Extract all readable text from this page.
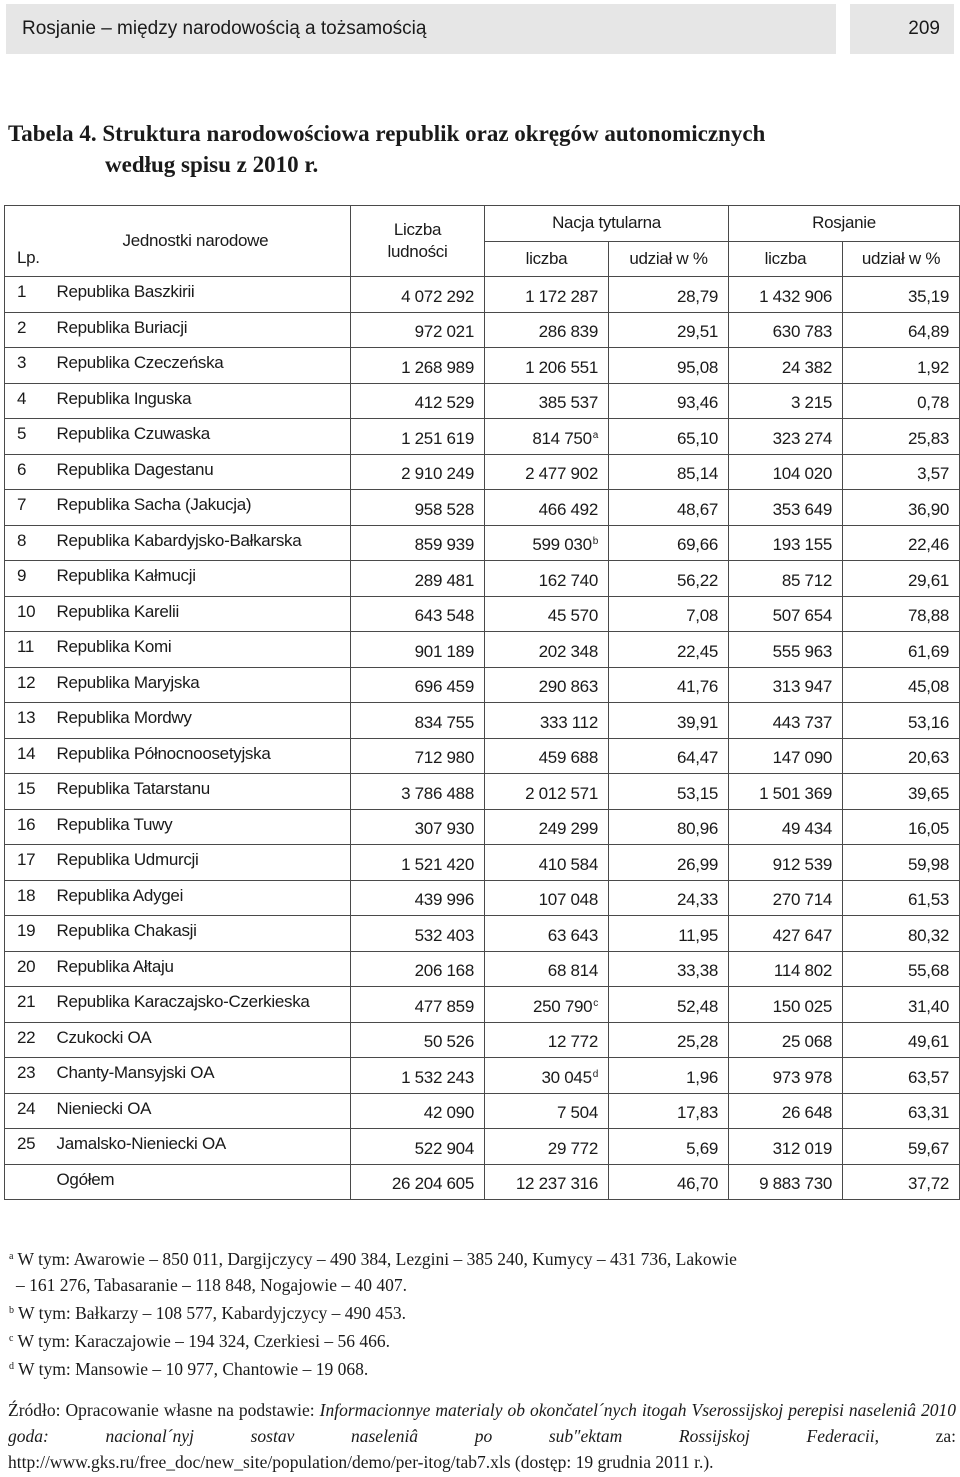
Rosjanie – między narodowością a tożsamością	209
Tabela 4. Struktura narodowościowa republik oraz okręgów autonomicznych
według spisu z 2010 r.
Lp.	Jednostki narodowe	Liczba
ludności	Nacja tytularna		Rosjanie	
			liczba	udział w %	liczba	udział w %
1	Republika Baszkirii	4 072 292	1 172 287	28,79	1 432 906	35,19
2	Republika Buriacji	972 021	286 839	29,51	630 783	64,89
3	Republika Czeczeńska	1 268 989	1 206 551	95,08	24 382	1,92
4	Republika Inguska	412 529	385 537	93,46	3 215	0,78
5	Republika Czuwaska	1 251 619	814 750$^a$	65,10	323 274	25,83
6	Republika Dagestanu	2 910 249	2 477 902	85,14	104 020	3,57
7	Republika Sacha (Jakucja)	958 528	466 492	48,67	353 649	36,90
8	Republika Kabardyjsko-Bałkarska	859 939	599 030$^b$	69,66	193 155	22,46
9	Republika Kałmucji	289 481	162 740	56,22	85 712	29,61
10	Republika Karelii	643 548	45 570	7,08	507 654	78,88
11	Republika Komi	901 189	202 348	22,45	555 963	61,69
12	Republika Maryjska	696 459	290 863	41,76	313 947	45,08
13	Republika Mordwy	834 755	333 112	39,91	443 737	53,16
14	Republika Północnoosetyjska	712 980	459 688	64,47	147 090	20,63
15	Republika Tatarstanu	3 786 488	2 012 571	53,15	1 501 369	39,65
16	Republika Tuwy	307 930	249 299	80,96	49 434	16,05
17	Republika Udmurcji	1 521 420	410 584	26,99	912 539	59,98
18	Republika Adygei	439 996	107 048	24,33	270 714	61,53
19	Republika Chakasji	532 403	63 643	11,95	427 647	80,32
20	Republika Ałtaju	206 168	68 814	33,38	114 802	55,68
21	Republika Karaczajsko-Czerkieska	477 859	250 790$^c$	52,48	150 025	31,40
22	Czukocki OA	50 526	12 772	25,28	25 068	49,61
23	Chanty-Mansyjski OA	1 532 243	30 045$^d$	1,96	973 978	63,57
24	Nieniecki OA	42 090	7 504	17,83	26 648	63,31
25	Jamalsko-Nieniecki OA	522 904	29 772	5,69	312 019	59,67
	Ogółem	26 204 605	12 237 316	46,70	9 883 730	37,72
$^a$ W tym: Awarowie – 850 011, Dargijczycy – 490 384, Lezgini – 385 240, Kumycy – 431 736, Lakowie
– 161 276, Tabasaranie – 118 848, Nogajowie – 40 407.
$^b$ W tym: Bałkarzy – 108 577, Kabardyjczycy – 490 453.
$^c$ W tym: Karaczajowie – 194 324, Czerkiesi – 56 466.
$^d$ W tym: Mansowie – 10 977, Chantowie – 19 068.
Źródło: Opracowanie własne na podstawie: Informacionnye materialy ob okončatel´nych itogah Vserossijskoj perepisi naseleniâ 2010 goda: nacional´nyj sostav naseleniâ po sub″ektam Rossijskoj Federacii, za: http://www.gks.ru/free_doc/new_site/population/demo/per-itog/tab7.xls (dostęp: 19 grudnia 2011 r.).
